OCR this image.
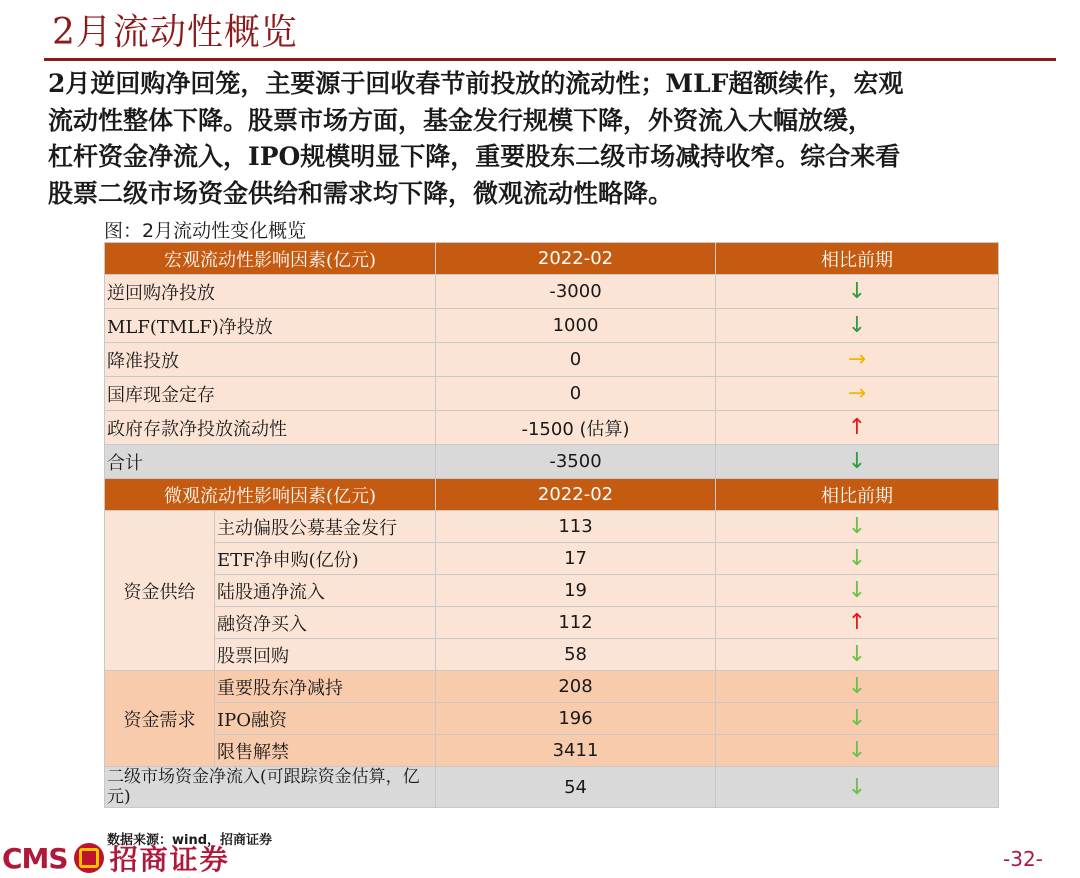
2月流动性概览
2月逆回购净回笼，主要源于回收春节前投放的流动性；MLF超额续作，宏观
流动性整体下降。股票市场方面，基金发行规模下降，外资流入大幅放缓，
杠杆资金净流入，IPO规模明显下降，重要股东二级市场减持收窄。综合来看
股票二级市场资金供给和需求均下降，微观流动性略降。
图：2月流动性变化概览
宏观流动性影响因素(亿元)		2022-02	相比前期
逆回购净投放		-3000	↓
MLF(TMLF)净投放		1000	↓
降准投放		0	→
国库现金定存		0	→
政府存款净投放流动性		-1500 (估算)	↑
合计		-3500	↓
微观流动性影响因素(亿元)		2022-02	相比前期
资金供给	主动偏股公募基金发行	113	↓
	ETF净申购(亿份)	17	↓
	陆股通净流入	19	↓
	融资净买入	112	↑
	股票回购	58	↓
资金需求	重要股东净减持	208	↓
	IPO融资	196	↓
	限售解禁	3411	↓
二级市场资金净流入(可跟踪资金估算，亿元)		54	↓
数据来源：wind，招商证券
CMS 招商证券	-32-
